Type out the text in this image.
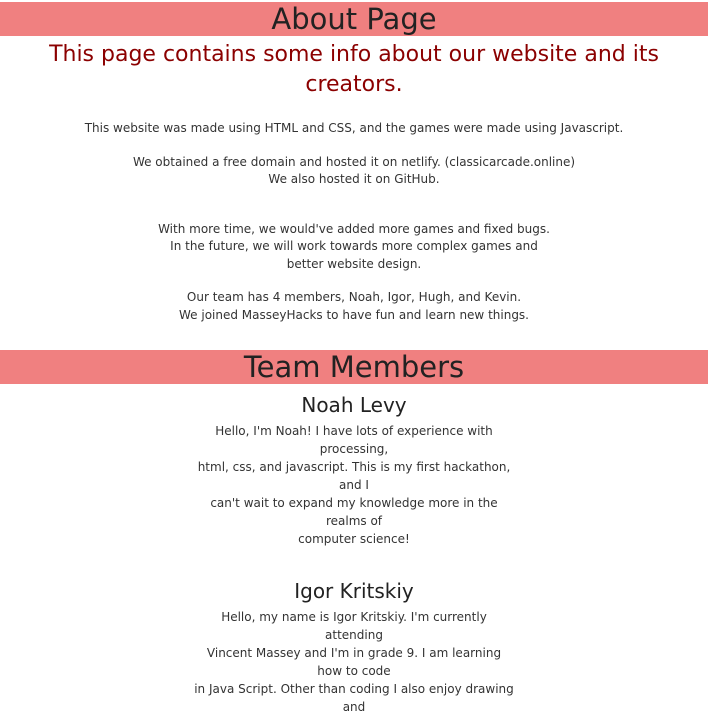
About Page
This page contains some info about our website and its creators.
This website was made using HTML and CSS, and the games were made using Javascript.
We obtained a free domain and hosted it on netlify. (classicarcade.online)
We also hosted it on GitHub.
With more time, we would've added more games and fixed bugs.
In the future, we will work towards more complex games and
better website design.
Our team has 4 members, Noah, Igor, Hugh, and Kevin.
We joined MasseyHacks to have fun and learn new things.
Team Members
Noah Levy
Hello, I'm Noah! I have lots of experience with processing,
html, css, and javascript. This is my first hackathon, and I
can't wait to expand my knowledge more in the realms of
computer science!
Igor Kritskiy
Hello, my name is Igor Kritskiy. I'm currently attending
Vincent Massey and I'm in grade 9. I am learning how to code
in Java Script. Other than coding I also enjoy drawing and
